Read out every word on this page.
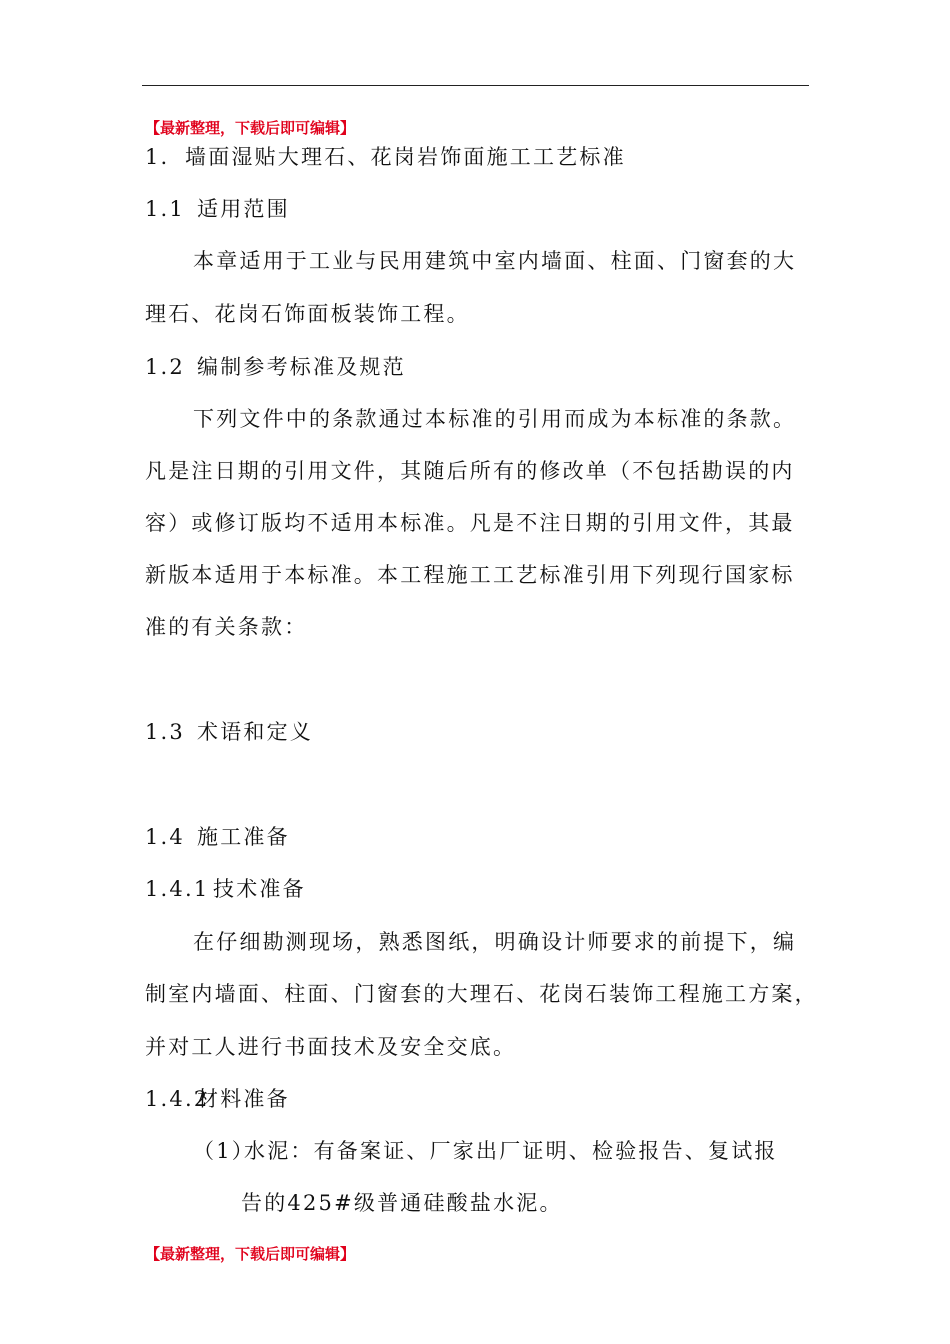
【最新整理，下载后即可编辑】
1. 墙面湿贴大理石、花岗岩饰面施工工艺标准
1.1 适用范围
本章适用于工业与民用建筑中室内墙面、柱面、门窗套的大
理石、花岗石饰面板装饰工程。
1.2 编制参考标准及规范
下列文件中的条款通过本标准的引用而成为本标准的条款。
凡是注日期的引用文件，其随后所有的修改单（不包括勘误的内
容）或修订版均不适用本标准。凡是不注日期的引用文件，其最
新版本适用于本标准。本工程施工工艺标准引用下列现行国家标
准的有关条款：
1.3 术语和定义
1.4 施工准备
1.4.1 技术准备
在仔细勘测现场，熟悉图纸，明确设计师要求的前提下，编
制室内墙面、柱面、门窗套的大理石、花岗石装饰工程施工方案，
并对工人进行书面技术及安全交底。
1.4.2材料准备
（1）
水泥：有备案证、厂家出厂证明、检验报告、复试报
告的425#级普通硅酸盐水泥。
【最新整理，下载后即可编辑】
